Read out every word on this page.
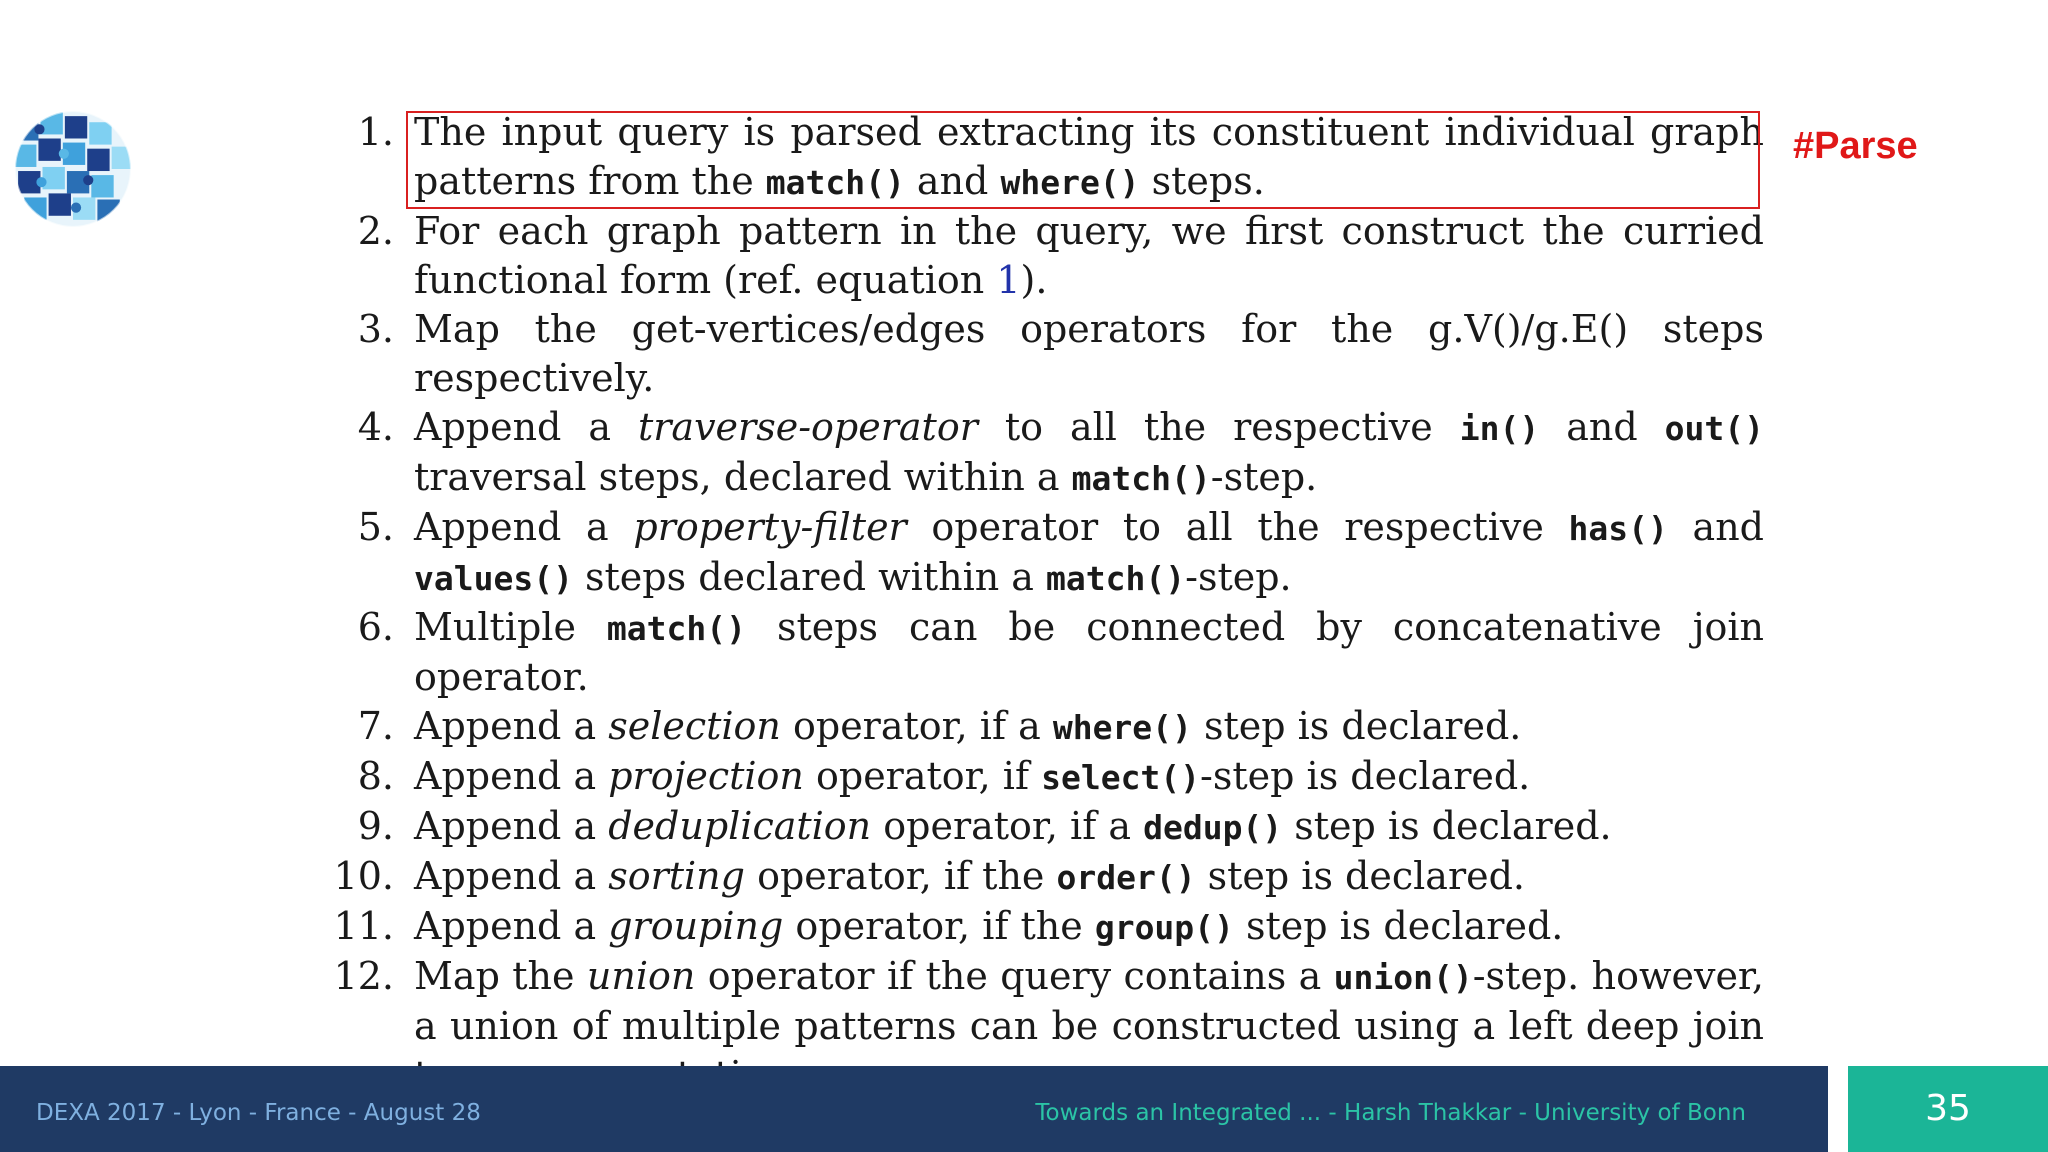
1. The input query is parsed extracting its constituent individual graph patterns from the match() and where() steps.
2. For each graph pattern in the query, we first construct the curried functional form (ref. equation 1).
3. Map the get-vertices/edges operators for the g.V()/g.E() steps respectively.
4. Append a traverse-operator to all the respective in() and out() traversal steps, declared within a match()-step.
5. Append a property-filter operator to all the respective has() and values() steps declared within a match()-step.
6. Multiple match() steps can be connected by concatenative join operator.
7. Append a selection operator, if a where() step is declared.
8. Append a projection operator, if select()-step is declared.
9. Append a deduplication operator, if a dedup() step is declared.
10. Append a sorting operator, if the order() step is declared.
11. Append a grouping operator, if the group() step is declared.
12. Map the union operator if the query contains a union()-step. however, a union of multiple patterns can be constructed using a left deep join
#Parse
DEXA 2017 - Lyon - France - August 28	Towards an Integrated ... - Harsh Thakkar - University of Bonn	35
